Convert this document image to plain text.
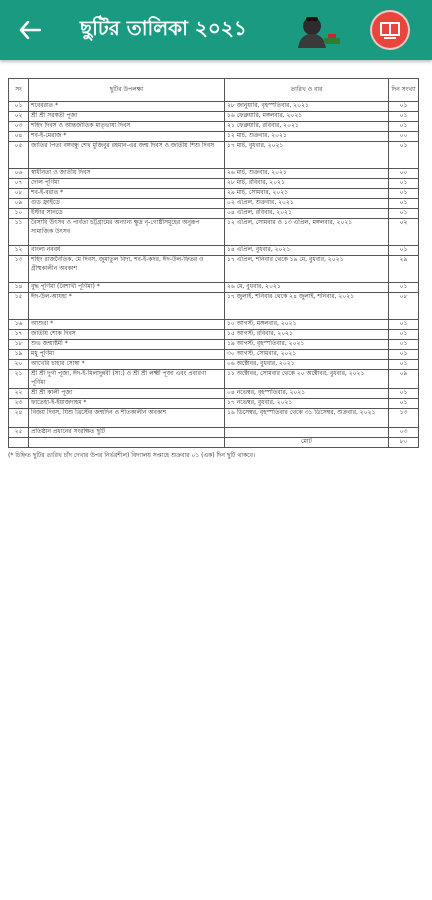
ছুটির তালিকা ২০২১
সং	ছুটির উপলক্ষ্য	তারিখ ও বার	দিন সংখ্যা
০১	শবেবরাত *	২৮ জানুয়ারি, বৃহস্পতিবার, ২০২১	০১
০২	শ্রী শ্রী সরস্বতী পূজা	১৬ ফেব্রুয়ারি, মঙ্গলবার, ২০২১	০১
০৩	শহিদ দিবস ও আন্তর্জাতিক মাতৃভাষা দিবস	২১ ফেব্রুয়ারি, রবিবার, ২০২১	০১
০৪	শব-ই-মেরাজ *	১২ মার্চ, শুক্রবার, ২০২১	০০
০৫	জাতির পিতা বঙ্গবন্ধু শেখ মুজিবুর রহমান-এর জন্ম দিবস ও জাতীয় শিশু দিবস	১৭ মার্চ, বুধবার, ২০২১	০১
০৬	স্বাধীনতা ও জাতীয় দিবস	২৬ মার্চ, শুক্রবার, ২০২১	০০
০৭	দোল পূর্ণিমা	২৮ মার্চ, রবিবার, ২০২১	০১
০৮	শব-ই-বরাত *	২৯ মার্চ, সোমবার, ২০২১	০১
০৯	গুড ফ্রাইডে	০২ এপ্রিল, শুক্রবার, ২০২১	০১
১০	ইস্টার সানডে	০৪ এপ্রিল, রবিবার, ২০২১	০১
১১	বৈসাবি উৎসব ও পার্বত্য চট্টগ্রামের অন্যান্য ক্ষুদ্র নৃ-গোষ্ঠীসমূহের অনুরূপ সামাজিক উৎসব	১২ এপ্রিল, সোমবার ও ১৩ এপ্রিল, মঙ্গলবার, ২০২১	০২
১২	বাংলা নববর্ষ	১৪ এপ্রিল, বুধবার, ২০২১	০১
১৩	শহিদ রাজনৈতিক, মে দিবস, জুমাতুল বিদা, শব-ই-কদর, ঈদ-উল-ফিতর ও গ্রীষ্মকালীন অবকাশ	১৭ এপ্রিল, শনিবার থেকে ১৯ মে, বুধবার, ২০২১	২৯
১৪	বুদ্ধ পূর্ণিমা (বৈশাখী পূর্ণিমা) *	২৬ মে, বুধবার, ২০২১	০১
১৫	ঈদ-উল-আযহা *	১৭ জুলাই, শনিবার থেকে ২৪ জুলাই, শনিবার, ২০২১	০৮
১৬	আশুরা *	১০ আগস্ট, মঙ্গলবার, ২০২১	০১
১৭	জাতীয় শোক দিবস	১৫ আগস্ট, রবিবার, ২০২১	০১
১৮	শুভ জন্মাষ্টমী *	১৯ আগস্ট, বৃহস্পতিবার, ২০২১	০১
১৯	মধু পূর্ণিমা	৩০ আগস্ট, সোমবার, ২০২১	০১
২০	আখেরি চাহার সোম্বা *	০৬ অক্টোবর, বুধবার, ২০২১	০১
২১	শ্রী শ্রী দুর্গা পূজা, ঈদ-ই-মিলাদুন্নবী (সা:) ও শ্রী শ্রী লক্ষ্মী পূজা এবং প্রবারণা পূর্ণিমা	১১ অক্টোবর, সোমবার থেকে ২০ অক্টোবর, বুধবার, ২০২১	০৯
২২	শ্রী শ্রী কালী পূজা	০৪ নভেম্বর, বৃহস্পতিবার, ২০২১	০১
২৩	ফাতেহা-ই-ইয়াজদাহম *	১৭ নভেম্বর, বুধবার, ২০২১	০১
২৪	বিজয় দিবস, যিশু খ্রিস্টের জন্মদিন ও শীতকালীন অবকাশ	১৬ ডিসেম্বর, বৃহস্পতিবার থেকে ৩১ ডিসেম্বর, শুক্রবার, ২০২১	১৩
২৫	প্রতিষ্ঠান প্রধানের সংরক্ষিত ছুটি		০৩
		মোট	৮০
(* চিহ্নিত ছুটির তারিখ চাঁদ দেখার উপর নির্ভরশীল) বিদ্যালয় সপ্তাহে শুক্রবার ০১ (এক) দিন ছুটি থাকবে।
